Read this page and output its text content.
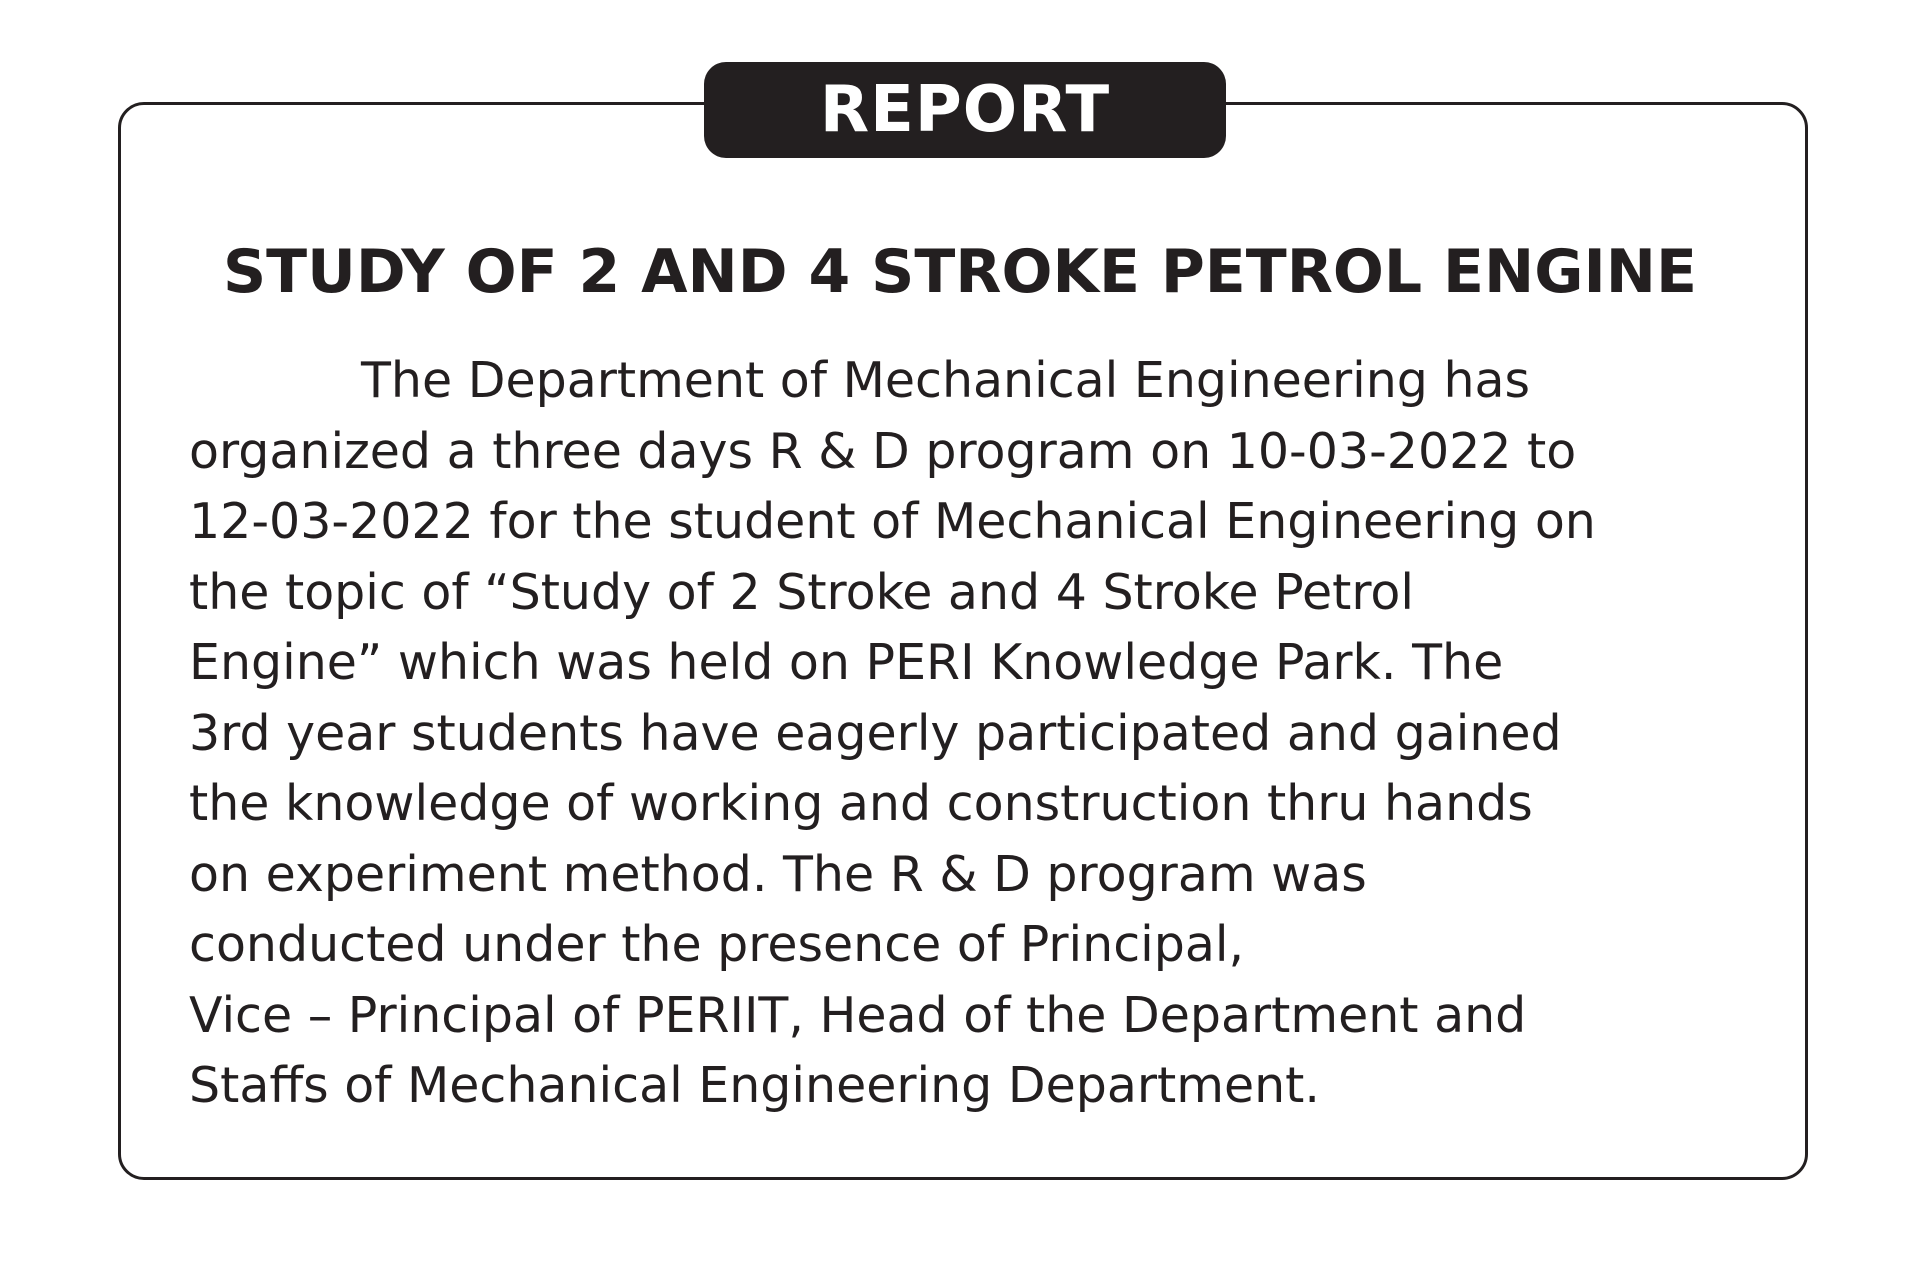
REPORT
STUDY OF 2 AND 4 STROKE PETROL ENGINE
The Department of Mechanical Engineering has
organized a three days R & D program on 10-03-2022 to
12-03-2022 for the student of Mechanical Engineering on
the topic of “Study of 2 Stroke and 4 Stroke Petrol
Engine” which was held on PERI Knowledge Park. The
3rd year students have eagerly participated and gained
the knowledge of working and construction thru hands
on experiment method. The R & D program was
conducted under the presence of Principal,
Vice – Principal of PERIIT, Head of the Department and
Staffs of Mechanical Engineering Department.
